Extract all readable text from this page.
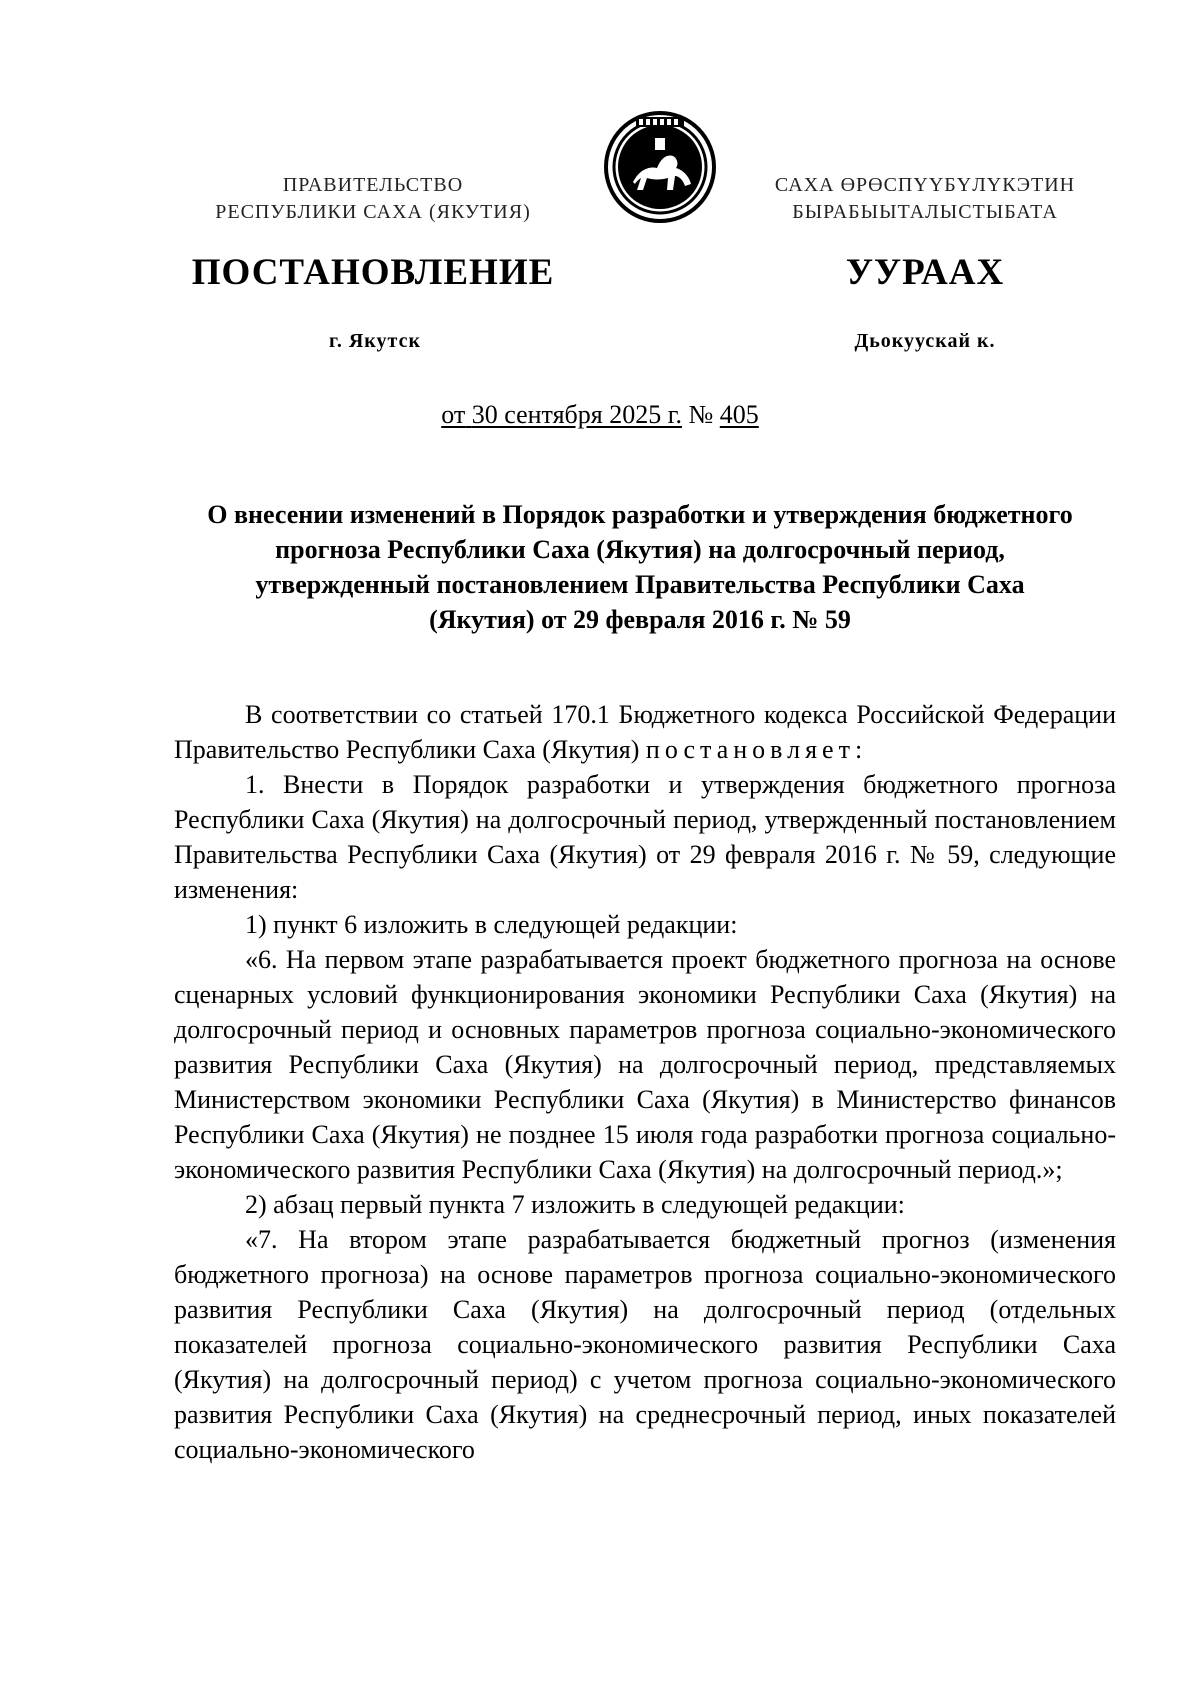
ПРАВИТЕЛЬСТВО
РЕСПУБЛИКИ САХА (ЯКУТИЯ)
САХА ӨРӨСПҮҮБҮЛҮКЭТИН
БЫРАБЫЫТАЛЫСТЫБАТА
ПОСТАНОВЛЕНИЕ	УУРААХ
г. Якутск	Дьокуускай к.
от 30 сентября 2025 г. № 405
О внесении изменений в Порядок разработки и утверждения бюджетного прогноза Республики Саха (Якутия) на долгосрочный период, утвержденный постановлением Правительства Республики Саха (Якутия) от 29 февраля 2016 г. № 59

В соответствии со статьей 170.1 Бюджетного кодекса Российской Федерации Правительство Республики Саха (Якутия) постановляет:

1. Внести в Порядок разработки и утверждения бюджетного прогноза Республики Саха (Якутия) на долгосрочный период, утвержденный постановлением Правительства Республики Саха (Якутия) от 29 февраля 2016 г. № 59, следующие изменения:

1) пункт 6 изложить в следующей редакции:

«6. На первом этапе разрабатывается проект бюджетного прогноза на основе сценарных условий функционирования экономики Республики Саха (Якутия) на долгосрочный период и основных параметров прогноза социально-экономического развития Республики Саха (Якутия) на долгосрочный период, представляемых Министерством экономики Республики Саха (Якутия) в Министерство финансов Республики Саха (Якутия) не позднее 15 июля года разработки прогноза социально-экономического развития Республики Саха (Якутия) на долгосрочный период.»;

2) абзац первый пункта 7 изложить в следующей редакции:

«7. На втором этапе разрабатывается бюджетный прогноз (изменения бюджетного прогноза) на основе параметров прогноза социально-экономического развития Республики Саха (Якутия) на долгосрочный период (отдельных показателей прогноза социально-экономического развития Республики Саха (Якутия) на долгосрочный период) с учетом прогноза социально-экономического развития Республики Саха (Якутия) на среднесрочный период, иных показателей социально-экономического
